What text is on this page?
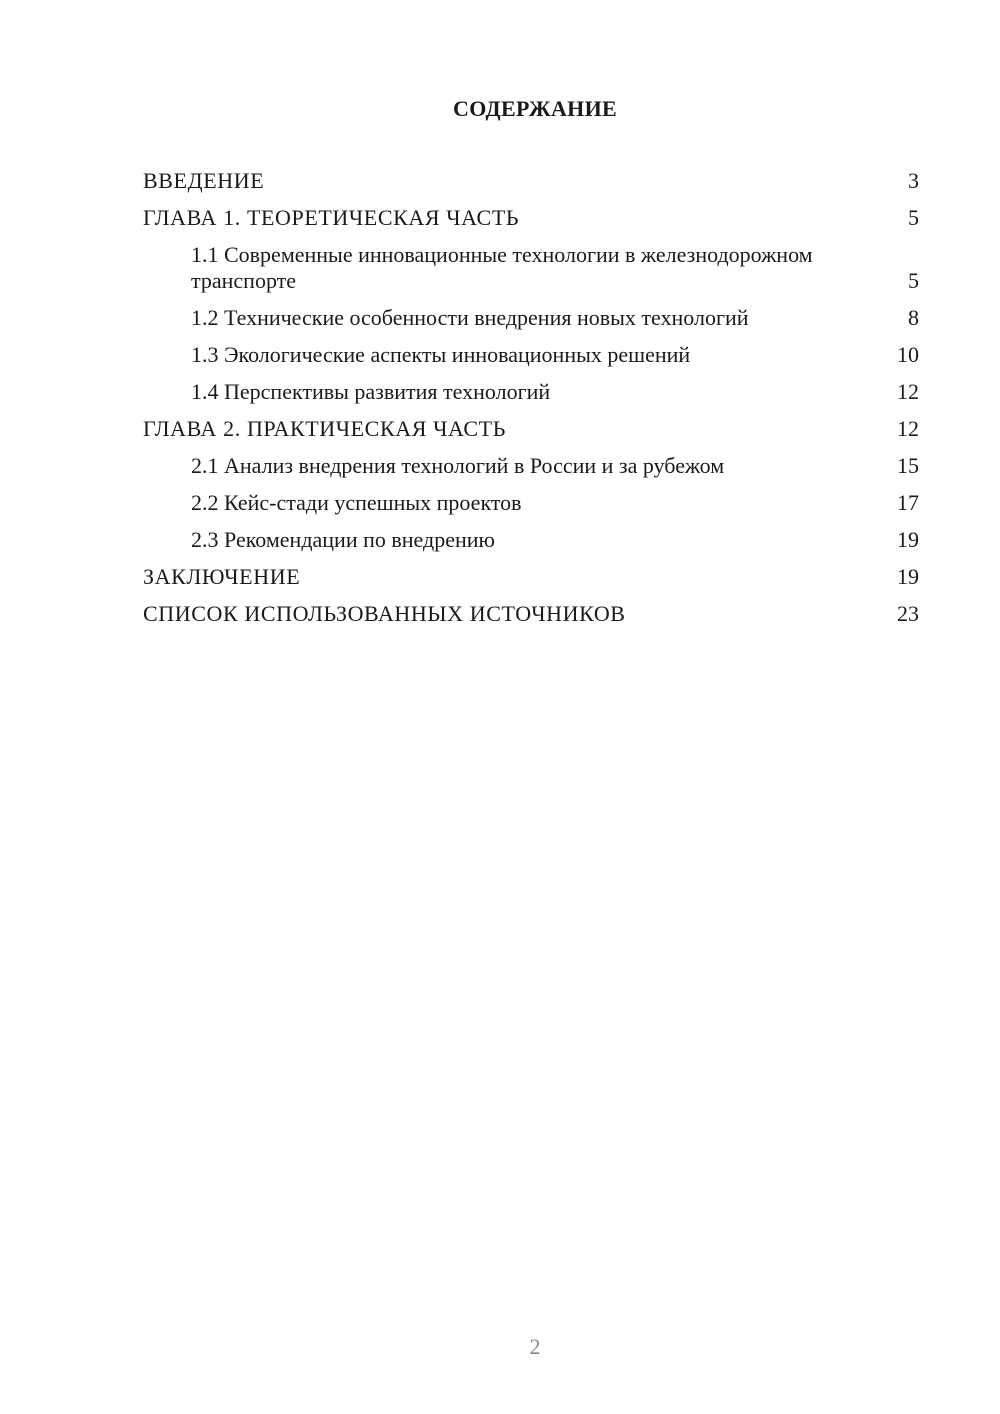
СОДЕРЖАНИЕ
ВВЕДЕНИЕ	3
ГЛАВА 1. ТЕОРЕТИЧЕСКАЯ ЧАСТЬ	5
1.1 Современные инновационные технологии в железнодорожном транспорте	5
1.2 Технические особенности внедрения новых технологий	8
1.3 Экологические аспекты инновационных решений	10
1.4 Перспективы развития технологий	12
ГЛАВА 2. ПРАКТИЧЕСКАЯ ЧАСТЬ	12
2.1 Анализ внедрения технологий в России и за рубежом	15
2.2 Кейс-стади успешных проектов	17
2.3 Рекомендации по внедрению	19
ЗАКЛЮЧЕНИЕ	19
СПИСОК ИСПОЛЬЗОВАННЫХ ИСТОЧНИКОВ	23
2
